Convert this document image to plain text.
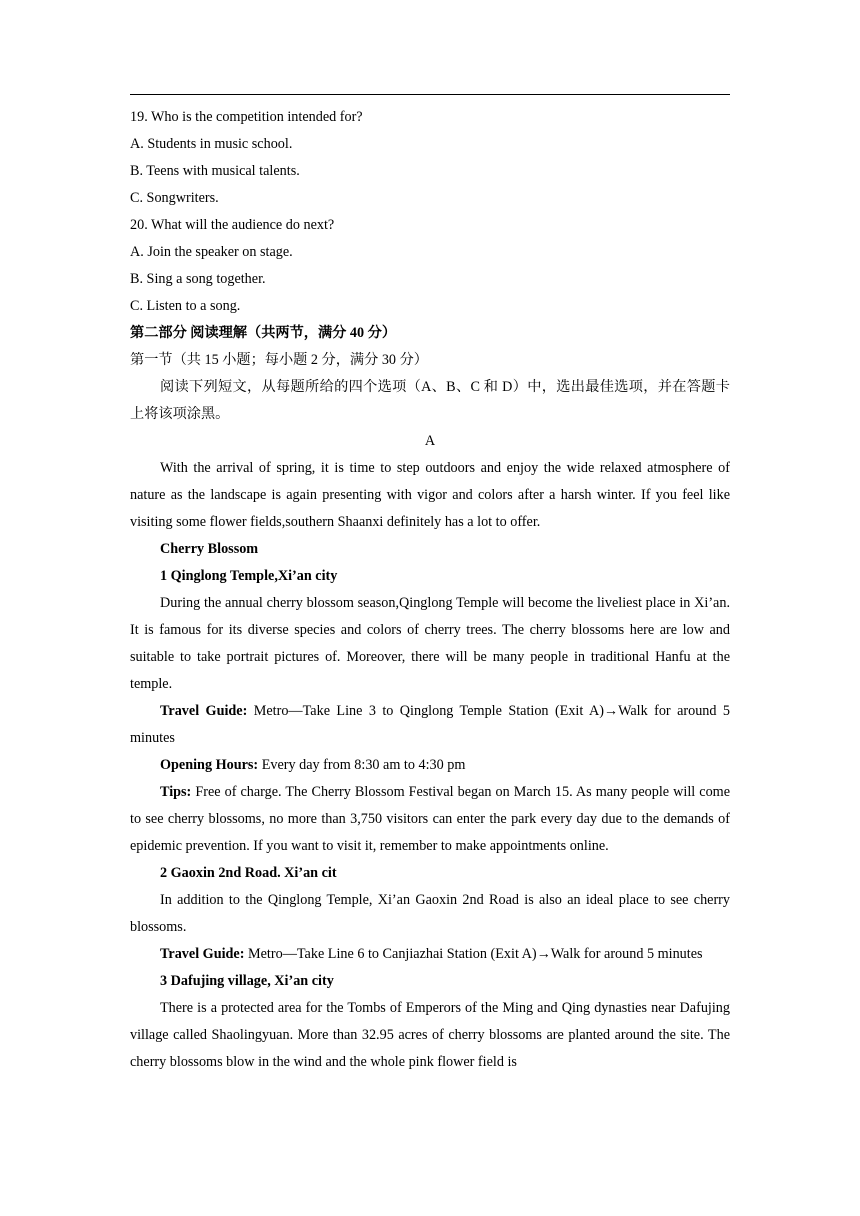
19. Who is the competition intended for?

A. Students in music school.

B. Teens with musical talents.

C. Songwriters.

20. What will the audience do next?

A. Join the speaker on stage.

B. Sing a song together.

C. Listen to a song.

第二部分 阅读理解（共两节，满分 40 分）

第一节（共 15 小题；每小题 2 分，满分 30 分）

阅读下列短文，从每题所给的四个选项（A、B、C 和 D）中，选出最佳选项，并在答题卡上将该项涂黑。

A

With the arrival of spring, it is time to step outdoors and enjoy the wide relaxed atmosphere of nature as the landscape is again presenting with vigor and colors after a harsh winter. If you feel like visiting some flower fields,southern Shaanxi definitely has a lot to offer.

Cherry Blossom

1 Qinglong Temple,Xi’an city

During the annual cherry blossom season,Qinglong Temple will become the liveliest place in Xi’an. It is famous for its diverse species and colors of cherry trees. The cherry blossoms here are low and suitable to take portrait pictures of. Moreover, there will be many people in traditional Hanfu at the temple.

Travel Guide: Metro—Take Line 3 to Qinglong Temple Station (Exit A)→Walk for around 5 minutes

Opening Hours: Every day from 8:30 am to 4:30 pm

Tips: Free of charge. The Cherry Blossom Festival began on March 15. As many people will come to see cherry blossoms, no more than 3,750 visitors can enter the park every day due to the demands of epidemic prevention. If you want to visit it, remember to make appointments online.

2 Gaoxin 2nd Road. Xi’an cit

In addition to the Qinglong Temple, Xi’an Gaoxin 2nd Road is also an ideal place to see cherry blossoms.

Travel Guide: Metro—Take Line 6 to Canjiazhai Station (Exit A)→Walk for around 5 minutes

3 Dafujing village, Xi’an city

There is a protected area for the Tombs of Emperors of the Ming and Qing dynasties near Dafujing village called Shaolingyuan. More than 32.95 acres of cherry blossoms are planted around the site. The cherry blossoms blow in the wind and the whole pink flower field is
